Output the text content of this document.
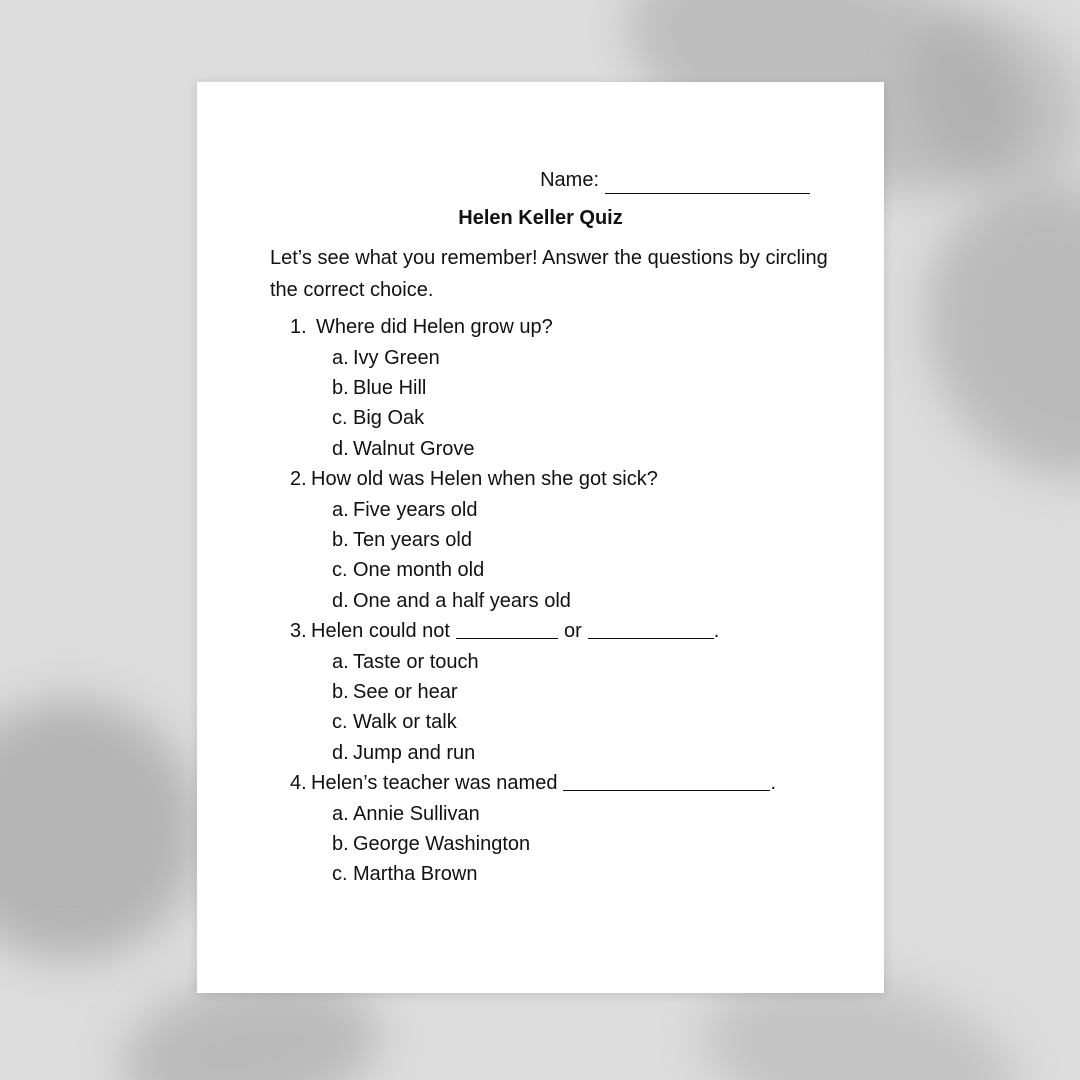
Name:
Helen Keller Quiz
Let’s see what you remember! Answer the questions by circling the correct choice.
1. Where did Helen grow up?
a. Ivy Green
b. Blue Hill
c. Big Oak
d. Walnut Grove
2. How old was Helen when she got sick?
a. Five years old
b. Ten years old
c. One month old
d. One and a half years old
3. Helen could not	or	.
a. Taste or touch
b. See or hear
c. Walk or talk
d. Jump and run
4. Helen’s teacher was named	.
a. Annie Sullivan
b. George Washington
c. Martha Brown
